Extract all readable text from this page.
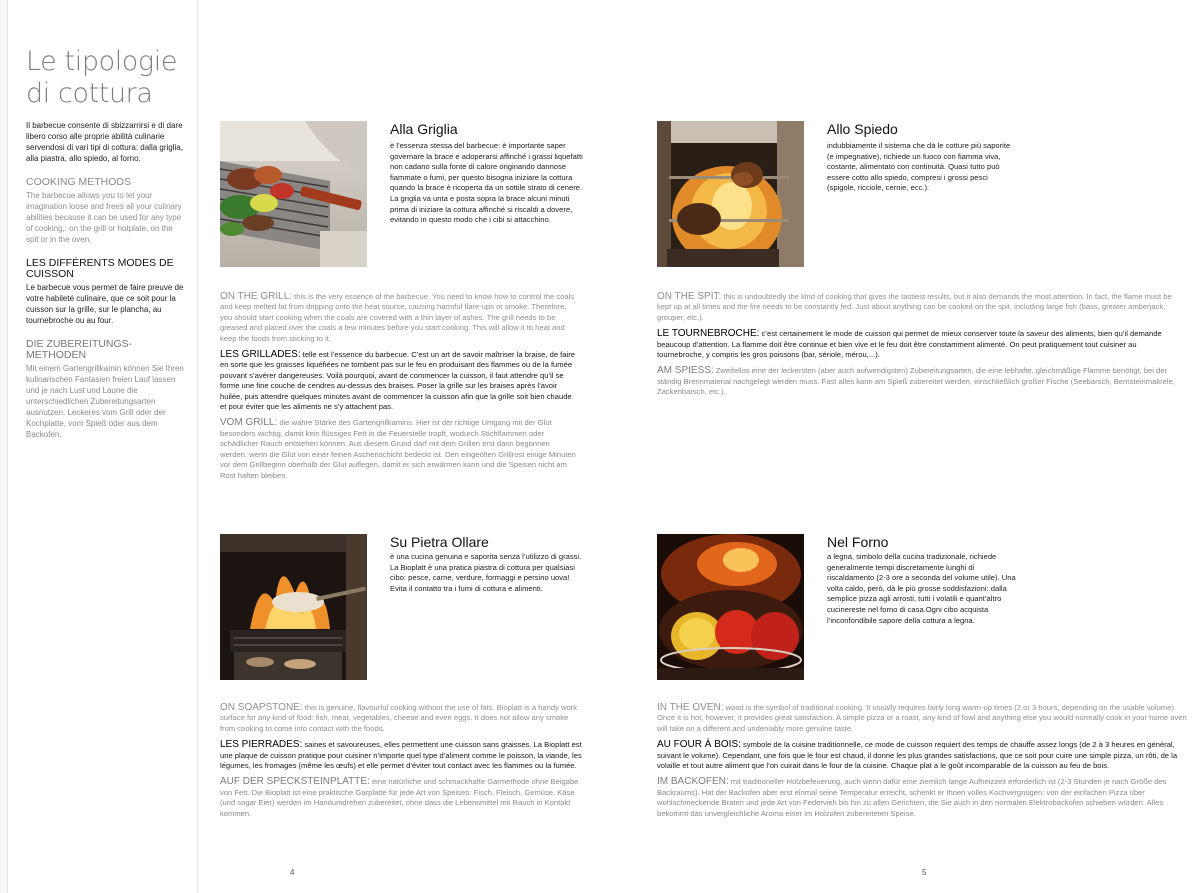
Le tipologie di cottura

Il barbecue consente di sbizzarrirsi e di dare libero corso alle proprie abilità culinarie servendosi di vari tipi di cottura: dalla griglia, alla piastra, allo spiedo, al forno.

COOKING METHODS

The barbecue allows you to let your imagination loose and frees all your culinary abilities because it can be used for any type of cooking,: on the grill or hotplate, on the spit or in the oven.

LES DIFFÉRENTS MODES DE CUISSON

Le barbecue vous permet de faire preuve de votre habileté culinaire, que ce soit pour la cuisson sur la grille, sur le plancha, au tournebroche ou au four.

DIE ZUBEREITUNGS-METHODEN

Mit einem Gartengrillkamin können Sie Ihren kulinarischen Fantasien freien Lauf lassen und je nach Lust und Laune die unterschiedlichen Zubereitungsarten ausnutzen: Leckeres vom Grill oder der Kochplatte, vom Spieß oder aus dem Backofen.

Alla Griglia

è l’essenza stessa del barbecue: è importante saper governare la brace e adoperarsi affinché i grassi liquefatti non cadano sulla fonte di calore originando dannose fiammate o fumi, per questo bisogna iniziare la cottura quando la brace è ricoperta da un sottile strato di cenere. La griglia va unta e posta sopra la brace alcuni minuti prima di iniziare la cottura affinché si riscaldi a dovere, evitando in questo modo che i cibi si attacchino.

ON THE GRILL: this is the very essence of the barbecue. You need to know how to control the coals and keep melted fat from dripping onto the heat source, causing harmful flare-ups or smoke. Therefore, you should start cooking when the coals are covered with a thin layer of ashes. The grill needs to be greased and placed over the coals a few minutes before you start cooking. This will allow it to heat and keep the foods from sticking to it.

LES GRILLADES: telle est l’essence du barbecue. C’est un art de savoir maîtriser la braise, de faire en sorte que les graisses liquéfiées ne tombent pas sur le feu en produisant des flammes ou de la fumée pouvant s’avérer dangereuses. Voilà pourquoi, avant de commencer la cuisson, il faut attendre qu’il se forme une fine couche de cendres au-dessus des braises. Poser la grille sur les braises après l’avoir huilée, puis attendre quelques minutes avant de commencer la cuisson afin que la grille soit bien chaude et pour éviter que les aliments ne s’y attachent pas.

VOM GRILL: die wahre Stärke des Gartengrillkamins. Hier ist der richtige Umgang mit der Glut besonders wichtig, damit kein flüssiges Fett in die Feuerstelle tropft, wodurch Stichflammen oder schädlicher Rauch entstehen können. Aus diesem Grund darf mit dem Grillen erst dann begonnen werden, wenn die Glut von einer feinen Aschenschicht bedeckt ist. Den eingeölten Grillrost einige Minuten vor dem Grillbeginn oberhalb der Glut auflegen, damit er sich erwärmen kann und die Speisen nicht am Rost haften bleiben.

Allo Spiedo

indubbiamente il sistema che dà le cotture più saporite (e impegnative), richiede un fuoco con fiamma viva, costante, alimentato con continuità. Quasi tutto può essere cotto allo spiedo, compresi i grossi pesci (spigole, ricciole, cernie, ecc.).

ON THE SPIT: this is undoubtedly the kind of cooking that gives the tastiest results, but it also demands the most attention. In fact, the flame must be kept up at all times and the fire needs to be constantly fed. Just about anything can be cooked on the spit, including large fish (bass, greater amberjack, grouper, etc.).

LE TOURNEBROCHE: c’est certainement le mode de cuisson qui permet de mieux conserver toute la saveur des aliments, bien qu’il demande beaucoup d’attention. La flamme doit être continue et bien vive et le feu doit être constamment alimenté. On peut pratiquement tout cuisiner au tournebroche, y compris les gros poissons (bar, sériole, mérou,...).

AM SPIESS: Zweifellos eine der leckersten (aber auch aufwendigsten) Zubereitungsarten, die eine lebhafte, gleichmäßige Flamme benötigt, bei der ständig Brennmaterial nachgelegt werden muss. Fast alles kann am Spieß zubereitet werden, einschließlich großer Fische (Seebarsch, Bernsteinmakrele, Zackenbarsch, etc.).

Su Pietra Ollare

è una cucina genuina e saporita senza l’utilizzo di grassi. La Bioplatt è una pratica piastra di cottura per qualsiasi cibo: pesce, carne, verdure, formaggi e persino uova! Evita il contatto tra i fumi di cottura e alimenti.

ON SOAPSTONE: this is genuine, flavourful cooking without the use of fats. Bioplatt is a handy work surface for any kind of food: fish, meat, vegetables, cheese and even eggs. It does not allow any smoke from cooking to come into contact with the foods.

LES PIERRADES: saines et savoureuses, elles permettent une cuisson sans graisses. La Bioplatt est une plaque de cuisson pratique pour cuisiner n’importe quel type d’aliment comme le poisson, la viande, les légumes, les fromages (même les œufs) et elle permet d’éviter tout contact avec les flammes ou la fumée.

AUF DER SPECKSTEINPLATTE: eine natürliche und schmackhafte Garmethode ohne Beigabe von Fett. Die Bioplatt ist eine praktische Garplatte für jede Art von Speisen: Fisch, Fleisch, Gemüse, Käse (und sogar Eier) werden im Handumdrehen zubereitet, ohne dass die Lebensmittel mit Rauch in Kontakt kommen.

Nel Forno

a legna, simbolo della cucina tradizionale, richiede generalmente tempi discretamente lunghi di riscaldamento (2-3 ore a seconda del volume utile). Una volta caldo, però, dà le più grosse soddisfazioni: dalla semplice pizza agli arrosti, tutti i volatili e quant’altro cucinereste nel forno di casa.Ogni cibo acquista l’inconfondibile sapore della cottura a legna.

IN THE OVEN: wood is the symbol of traditional cooking. It usually requires fairly long warm-up times (2 or 3 hours, depending on the usable volume). Once it is hot, however, it provides great satisfaction. A simple pizza or a roast, any kind of fowl and anything else you would normally cook in your home oven will take on a different and undeniably more genuine taste.

AU FOUR À BOIS: symbole de la cuisine traditionnelle, ce mode de cuisson requiert des temps de chauffe assez longs (de 2 à 3 heures en général, suivant le volume). Cependant, une fois que le four est chaud, il donne les plus grandes satisfactions, que ce soit pour cuire une simple pizza, un rôti, de la volaille et tout autre aliment que l’on cuirait dans le four de la cuisine. Chaque plat a le goût incomparable de la cuisson au feu de bois.

IM BACKOFEN: mit traditioneller Holzbefeuerung, auch wenn dafür eine ziemlich lange Aufheizzeit erforderlich ist (2-3 Stunden je nach Größe des Backraums). Hat der Backofen aber erst einmal seine Temperatur erreicht, schenkt er Ihnen volles Kochvergnügen: von der einfachen Pizza über wohlschmeckende Braten und jede Art von Federvieh bis hin zu allen Gerichten, die Sie auch in den normalen Elektrobackofen schieben würden. Alles bekommt das unvergleichliche Aroma einer im Holzofen zubereiteten Speise.

4	5
